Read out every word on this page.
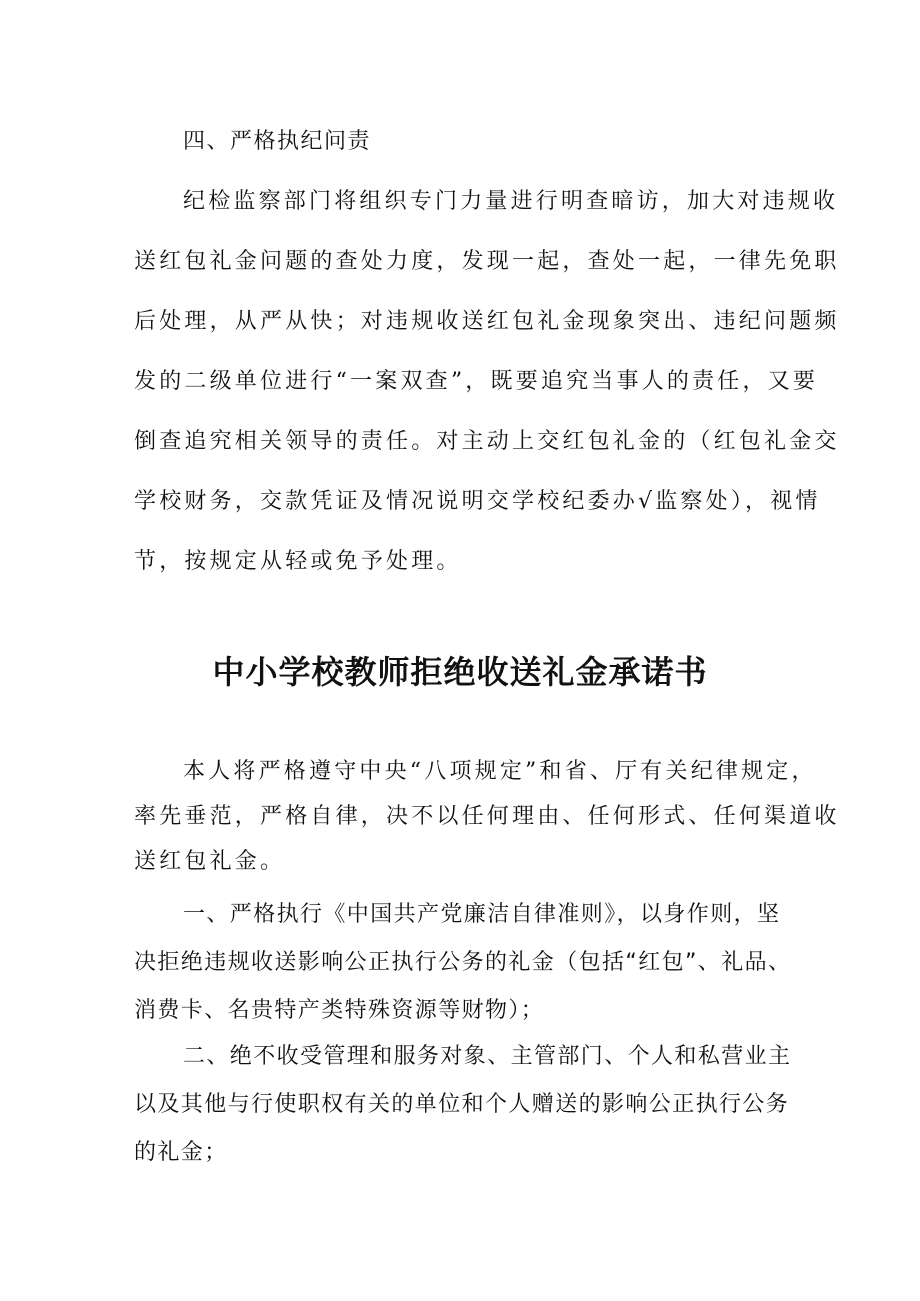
四、严格执纪问责

纪检监察部门将组织专门力量进行明查暗访，加大对违规收

送红包礼金问题的查处力度，发现一起，查处一起，一律先免职

后处理，从严从快；对违规收送红包礼金现象突出、违纪问题频

发的二级单位进行“一案双查”，既要追究当事人的责任，又要

倒查追究相关领导的责任。对主动上交红包礼金的（红包礼金交

学校财务，交款凭证及情况说明交学校纪委办√监察处），视情

节，按规定从轻或免予处理。

中小学校教师拒绝收送礼金承诺书

本人将严格遵守中央“八项规定”和省、厅有关纪律规定，

率先垂范，严格自律，决不以任何理由、任何形式、任何渠道收

送红包礼金。

一、严格执行《中国共产党廉洁自律准则》，以身作则，坚

决拒绝违规收送影响公正执行公务的礼金（包括“红包”、礼品、

消费卡、名贵特产类特殊资源等财物）；

二、绝不收受管理和服务对象、主管部门、个人和私营业主

以及其他与行使职权有关的单位和个人赠送的影响公正执行公务

的礼金；
